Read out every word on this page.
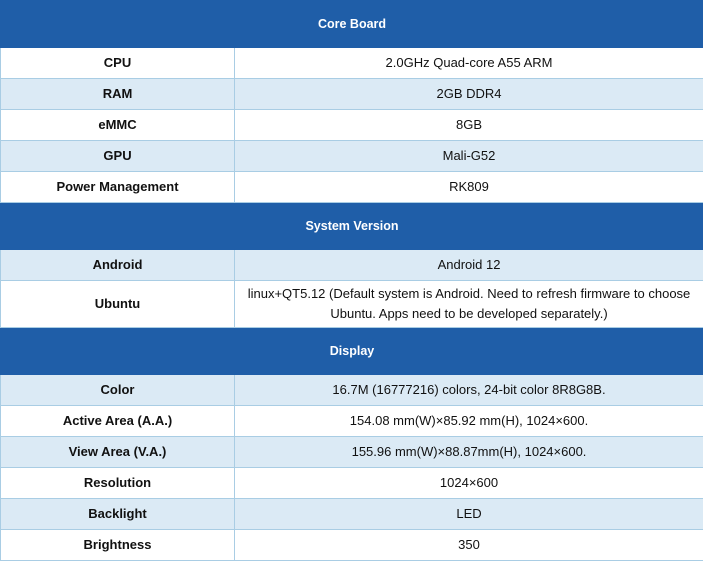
Core Board	
CPU	2.0GHz Quad-core A55 ARM
RAM	2GB DDR4
eMMC	8GB
GPU	Mali-G52
Power Management	RK809
System Version	
Android	Android 12
Ubuntu	linux+QT5.12 (Default system is Android. Need to refresh firmware to choose Ubuntu. Apps need to be developed separately.)
Display	
Color	16.7M (16777216) colors, 24-bit color 8R8G8B.
Active Area (A.A.)	154.08 mm(W)×85.92 mm(H), 1024×600.
View Area (V.A.)	155.96 mm(W)×88.87mm(H), 1024×600.
Resolution	1024×600
Backlight	LED
Brightness	350
